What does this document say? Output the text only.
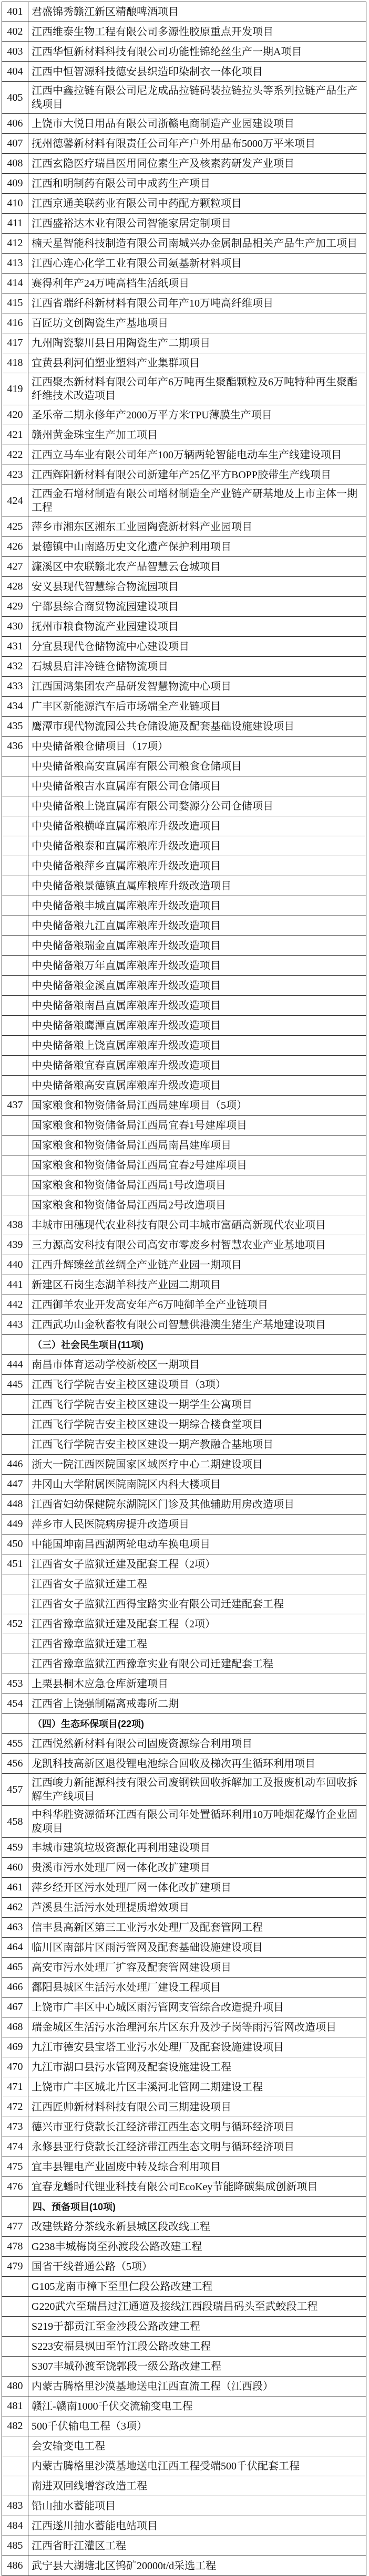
401	君盛锦秀赣江新区精酿啤酒项目
402	江西维泰生物工程有限公司多源性胶原重点开发项目
403	江西华恒新材料科技有限公司功能性锦纶丝生产一期A项目
404	江西中恒智源科技德安县织造印染制衣一体化项目
405	江西中鑫拉链有限公司尼龙成品拉链码装拉链拉头等系列拉链产品生产线项目
406	上饶市大悦日用品有限公司浙赣电商制造产业园建设项目
407	抚州德馨新材料有限责任公司年产户外用品布5000万平米项目
408	江西玄隐医疗瑞昌医用同位素生产及核素药研发产业项目
409	江西和明制药有限公司中成药生产项目
410	江西京通美联药业有限公司中药配方颗粒项目
411	江西盛裕达木业有限公司智能家居定制项目
412	楠天星智能科技制造有限公司南城兴办金属制品相关产品生产加工项目
413	江西心连心化学工业有限公司氨基新材料项目
414	赛得利年产24万吨高档生活纸项目
415	江西省瑞纤科新材料有限公司年产10万吨高纤维项目
416	百匠坊文创陶瓷生产基地项目
417	九州陶瓷黎川县日用陶瓷生产二期项目
418	宜黄县利河伯塑业塑料产业集群项目
419	江西聚杰新材料有限公司年产6万吨再生聚酯颗粒及6万吨特种再生聚酯纤维技术改造项目
420	圣乐帝二期永修年产2000万平方米TPU薄膜生产项目
421	赣州黄金珠宝生产加工项目
422	江西立马车业有限公司年产100万辆两轮智能电动车生产线建设项目
423	江西辉阳新材料有限公司新建年产25亿平方BOPP胶带生产线项目
424	江西金石增材制造有限公司增材制造全产业链产研基地及上市主体一期工程
425	萍乡市湘东区湘东工业园陶瓷新材料产业园项目
426	景德镇中山南路历史文化遗产保护利用项目
427	濂溪区中农联赣北农产品智慧云仓城项目
428	安义县现代智慧综合物流园项目
429	宁都县综合商贸物流园建设项目
430	抚州市粮食物流产业园建设项目
431	分宜县现代仓储物流中心建设项目
432	石城县启沣冷链仓储物流项目
433	江西国鸿集团农产品研发智慧物流中心项目
434	广丰区新能源汽车后市场端全产业链项目
435	鹰潭市现代物流园公共仓储设施及配套基础设施建设项目
436	中央储备粮仓储项目（17项）
	中央储备粮高安直属库有限公司粮食仓储项目
	中央储备粮吉水直属库有限公司仓储项目
	中央储备粮上饶直属库有限公司婺源分公司仓储项目
	中央储备粮横峰直属库粮库升级改造项目
	中央储备粮泰和直属库粮库升级改造项目
	中央储备粮萍乡直属库粮库升级改造项目
	中央储备粮景德镇直属库粮库升级改造项目
	中央储备粮丰城直属库粮库升级改造项目
	中央储备粮九江直属库粮库升级改造项目
	中央储备粮瑞金直属库粮库升级改造项目
	中央储备粮万年直属库粮库升级改造项目
	中央储备粮金溪直属库粮库升级改造项目
	中央储备粮南昌直属库粮库升级改造项目
	中央储备粮鹰潭直属库粮库升级改造项目
	中央储备粮上饶直属库粮库升级改造项目
	中央储备粮宜春直属库粮库升级改造项目
	中央储备粮高安直属库粮库升级改造项目
437	国家粮食和物资储备局江西局建库项目（5项）
	国家粮食和物资储备局江西局宜春1号建库项目
	国家粮食和物资储备局江西局南昌建库项目
	国家粮食和物资储备局江西局宜春2号建库项目
	国家粮食和物资储备局江西局1号改造项目
	国家粮食和物资储备局江西局2号改造项目
438	丰城市田穗现代农业科技有限公司丰城市富硒高新现代农业项目
439	三力源高安科技有限公司高安市零废乡村智慧农业产业基地项目
440	江西升辉臻丝茧丝绸全产业链产业园一期项目
441	新建区石岗生态湖羊科技产业园二期项目
442	江西御羊农业开发高安年产6万吨御羊全产业链项目
443	江西武功山金秋畜牧有限公司智慧供港澳生猪生产基地建设项目
	（三）社会民生项目(11项)
444	南昌市体育运动学校新校区一期项目
445	江西飞行学院吉安主校区建设项目（3项）
	江西飞行学院吉安主校区建设一期学生公寓项目
	江西飞行学院吉安主校区建设一期综合楼食堂项目
	江西飞行学院吉安主校区建设一期产教融合基地项目
446	浙大一院江西医院国家区域医疗中心二期建设项目
447	井冈山大学附属医院南院区内科大楼项目
448	江西省妇幼保健院东湖院区门诊及其他辅助用房改造项目
449	萍乡市人民医院病房提升改造项目
450	中能国坤南昌西湖两轮电动车换电项目
451	江西省女子监狱迁建及配套工程（2项）
	江西省女子监狱迁建工程
	江西省女子监狱江西得宝路实业有限公司迁建配套工程
452	江西省豫章监狱迁建及配套工程（2项）
	江西省豫章监狱迁建工程
	江西省豫章监狱江西豫章实业有限公司迁建配套工程
453	上栗县桐木应急仓库新建项目
454	江西省上饶强制隔离戒毒所二期
	（四）生态环保项目(22项)
455	江西悦然新材料有限公司固废资源综合利用项目
456	龙凯科技高新区退役锂电池综合回收及梯次再生循环利用项目
457	江西峻力新能源科技有限公司废钢铁回收拆解加工及报废机动车回收拆解生产线项目
458	中科华胜资源循环江西有限公司年处置循环利用10万吨烟花爆竹企业固废项目
459	丰城市建筑垃圾资源化再利用建设项目
460	贵溪市污水处理厂网一体化改扩建项目
461	萍乡经开区污水处理厂网一体化改扩建项目
462	芦溪县生活污水处理提质增效项目
463	信丰县高新区第三工业污水处理厂及配套管网工程
464	临川区南部片区雨污管网及配套基础设施建设项目
465	高安市污水处理厂扩容及配套管网建设项目
466	鄱阳县城区生活污水处理厂建设工程项目
467	上饶市广丰区中心城区雨污管网支管综合改造提升项目
468	瑞金城区生活污水治理河东片区东升及沙子岗等雨污管网改造项目
469	九江市德安县宝塔工业污水处理厂及配套设施建设项目
470	九江市湖口县污水管网及配套设施建设工程
471	上饶市广丰区城北片区丰溪河北管网二期建设工程
472	江西匠帅新材料科技有限公司三期建设项目
473	德兴市亚行贷款长江经济带江西生态文明与循环经济项目
474	永修县亚行贷款长江经济带江西生态文明与循环经济项目
475	宜丰县锂电产业固废中转及综合利用项目
476	宜春龙蟠时代锂业科技有限公司EcoKey节能降碳集成创新项目
	四、预备项目(10项)
477	改建铁路分茶线永新县城区段改线工程
478	G238丰城梅岗至孙渡段公路改建工程
479	国省干线普通公路（5项）
	G105龙南市樟下至里仁段公路改建工程
	G220武穴至瑞昌过江通道及接线江西段瑞昌码头至武蛟段工程
	S219于都贡江至金沙段公路改建工程
	S223安福县枫田至竹江段公路改建工程
	S307丰城孙渡至饶郭段一级公路改建工程
480	内蒙古腾格里沙漠基地送电江西直流工程（江西段）
481	赣江-赣南1000千伏交流输变电工程
482	500千伏输电工程（3项）
	会安输变电工程
	内蒙古腾格里沙漠基地送电江西工程受端500千伏配套工程
	南进双回线增容改造工程
483	铅山抽水蓄能项目
484	江西遂川抽水蓄能电站项目
485	江西省盱江灌区工程
486	武宁县大湖塘北区钨矿20000t/d采选工程
